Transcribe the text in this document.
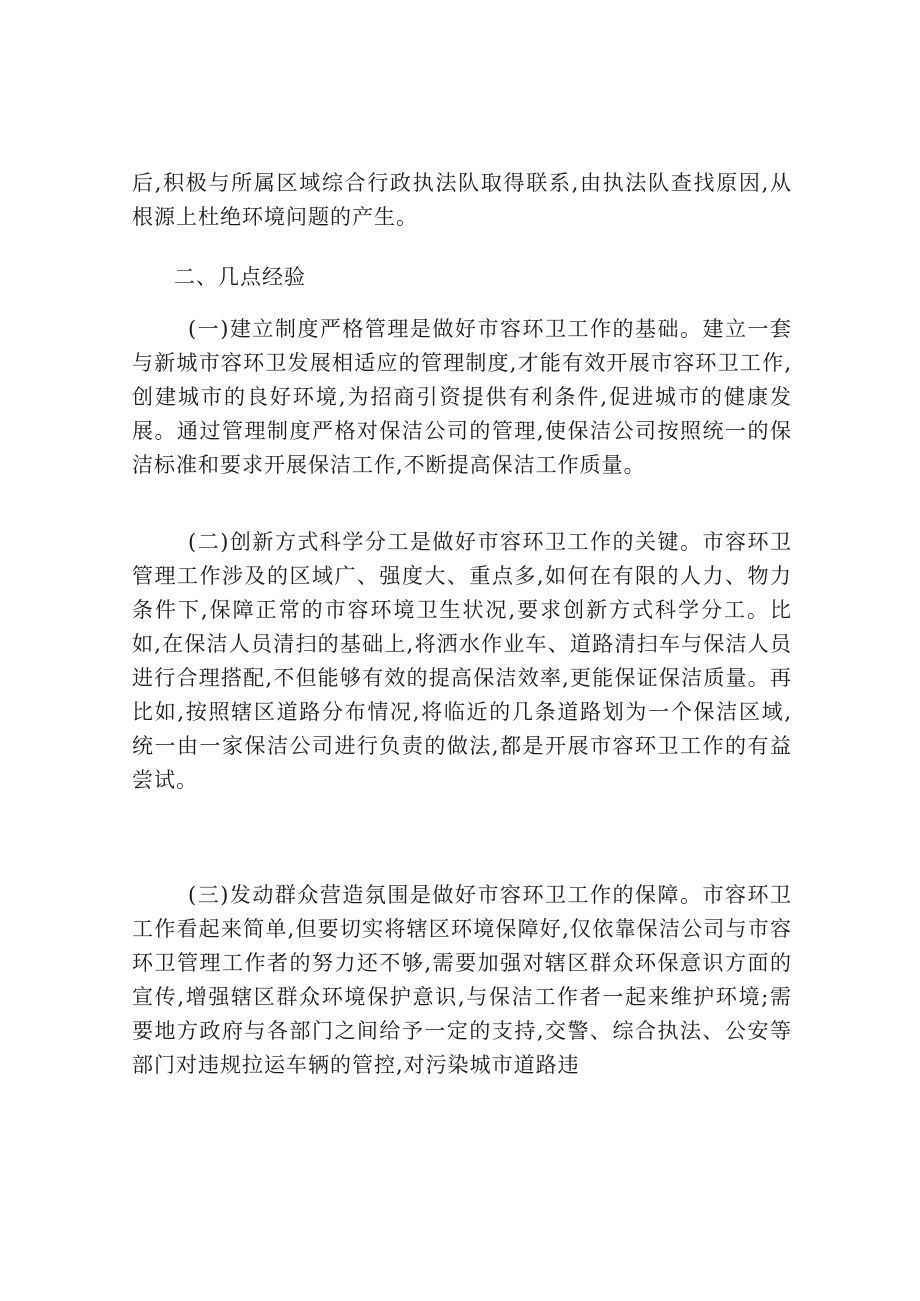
后,积极与所属区域综合行政执法队取得联系,由执法队查找原因,从根源上杜绝环境问题的产生。

二、几点经验

(一)建立制度严格管理是做好市容环卫工作的基础。建立一套与新城市容环卫发展相适应的管理制度,才能有效开展市容环卫工作,创建城市的良好环境,为招商引资提供有利条件,促进城市的健康发展。通过管理制度严格对保洁公司的管理,使保洁公司按照统一的保洁标准和要求开展保洁工作,不断提高保洁工作质量。

(二)创新方式科学分工是做好市容环卫工作的关键。市容环卫管理工作涉及的区域广、强度大、重点多,如何在有限的人力、物力条件下,保障正常的市容环境卫生状况,要求创新方式科学分工。比如,在保洁人员清扫的基础上,将洒水作业车、道路清扫车与保洁人员进行合理搭配,不但能够有效的提高保洁效率,更能保证保洁质量。再比如,按照辖区道路分布情况,将临近的几条道路划为一个保洁区域,统一由一家保洁公司进行负责的做法,都是开展市容环卫工作的有益尝试。

(三)发动群众营造氛围是做好市容环卫工作的保障。市容环卫工作看起来简单,但要切实将辖区环境保障好,仅依靠保洁公司与市容环卫管理工作者的努力还不够,需要加强对辖区群众环保意识方面的宣传,增强辖区群众环境保护意识,与保洁工作者一起来维护环境;需要地方政府与各部门之间给予一定的支持,交警、综合执法、公安等部门对违规拉运车辆的管控,对污染城市道路违
